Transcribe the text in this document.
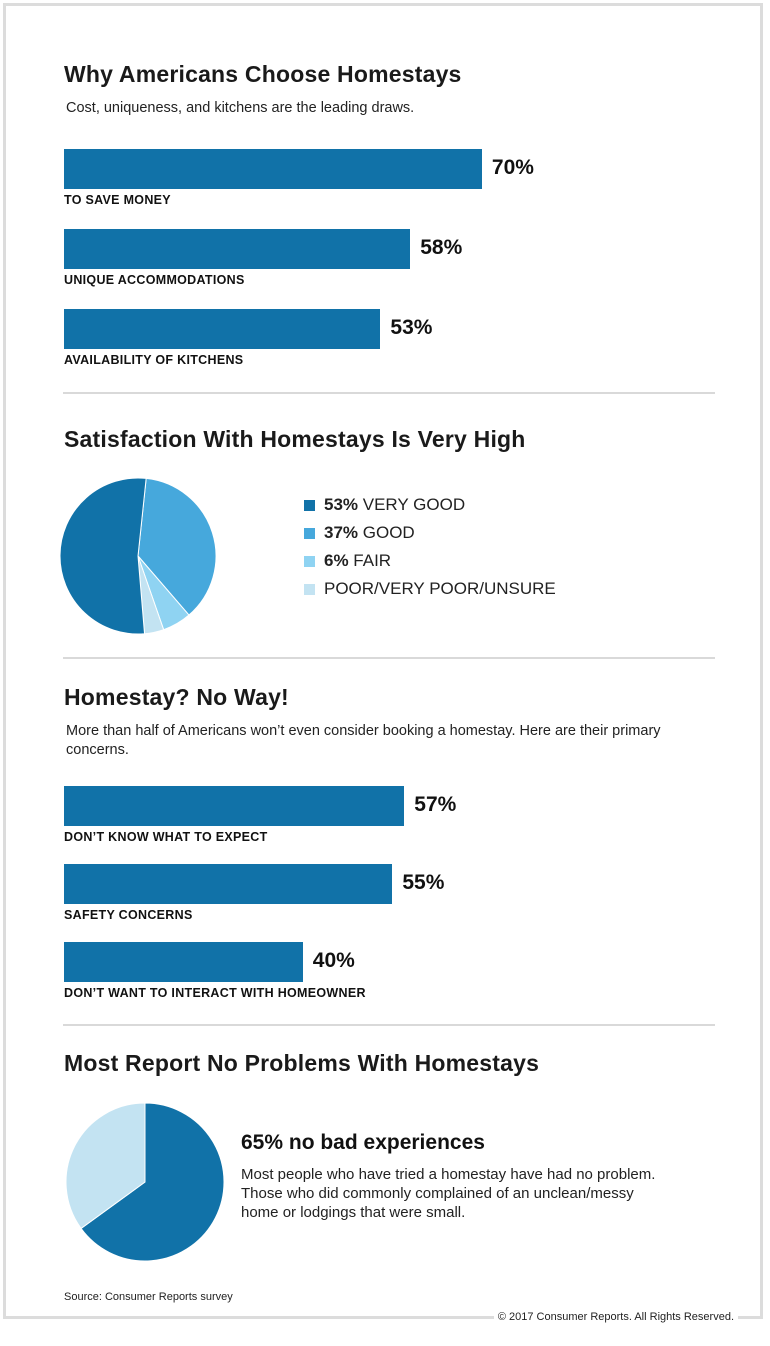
Why Americans Choose Homestays
Cost, uniqueness, and kitchens are the leading draws.
70%
TO SAVE MONEY
58%
UNIQUE ACCOMMODATIONS
53%
AVAILABILITY OF KITCHENS
Satisfaction With Homestays Is Very High
53% VERY GOOD
37% GOOD
6% FAIR
POOR/VERY POOR/UNSURE
Homestay? No Way!
More than half of Americans won’t even consider booking a homestay. Here are their primary concerns.
57%
DON’T KNOW WHAT TO EXPECT
55%
SAFETY CONCERNS
40%
DON’T WANT TO INTERACT WITH HOMEOWNER
Most Report No Problems With Homestays
65% no bad experiences
Most people who have tried a homestay have had no problem. Those who did commonly complained of an unclean/messy home or lodgings that were small.
Source: Consumer Reports survey
© 2017 Consumer Reports. All Rights Reserved.
